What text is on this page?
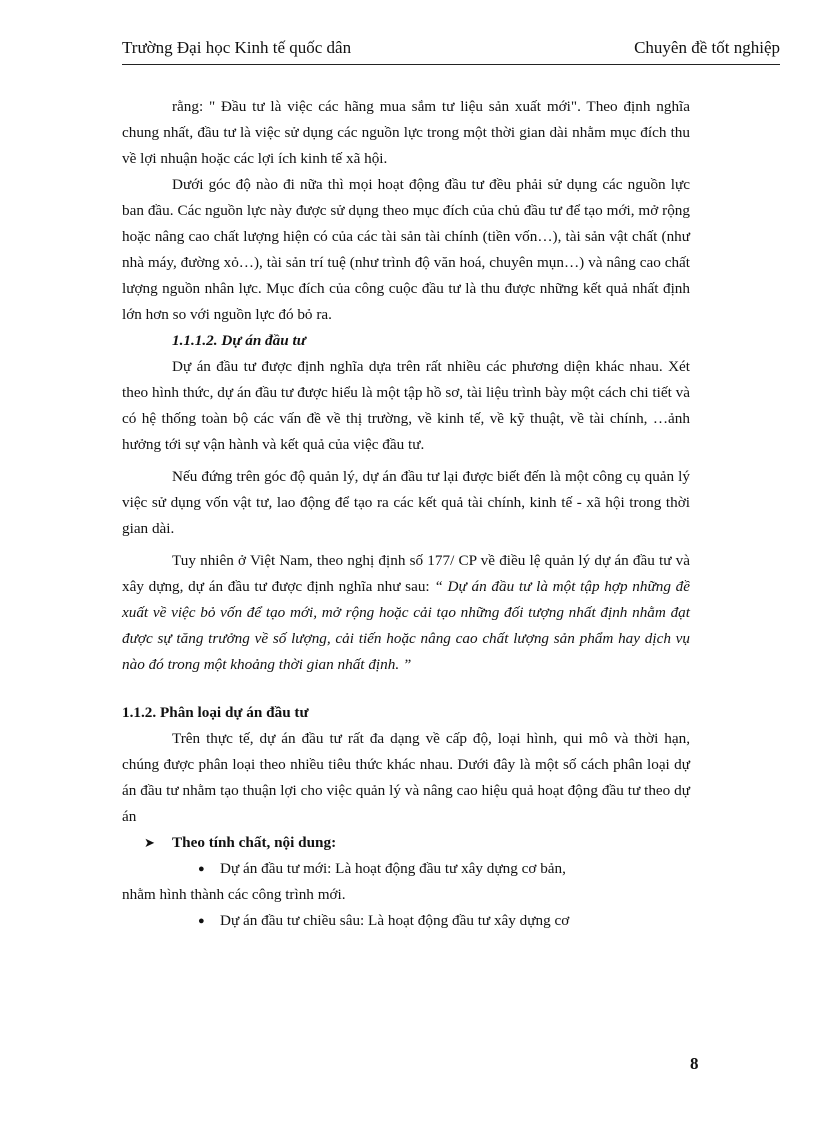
Trường Đại học Kinh tế quốc dân	Chuyên đề tốt nghiệp

rằng: " Đầu tư là việc các hãng mua sắm tư liệu sản xuất mới". Theo định nghĩa chung nhất, đầu tư là việc sử dụng các nguồn lực trong một thời gian dài nhằm mục đích thu về lợi nhuận hoặc các lợi ích kinh tế xã hội.

Dưới góc độ nào đi nữa thì mọi hoạt động đầu tư đều phải sử dụng các nguồn lực ban đầu. Các nguồn lực này được sử dụng theo mục đích của chủ đầu tư để tạo mới, mở rộng hoặc nâng cao chất lượng hiện có của các tài sản tài chính (tiền vốn…), tài sản vật chất (như nhà máy, đường xỏ…), tài sản trí tuệ (như trình độ văn hoá, chuyên mụn…) và nâng cao chất lượng nguồn nhân lực. Mục đích của công cuộc đầu tư là thu được những kết quả nhất định lớn hơn so với nguồn lực đó bỏ ra.

1.1.1.2. Dự án đầu tư

Dự án đầu tư được định nghĩa dựa trên rất nhiều các phương diện khác nhau. Xét theo hình thức, dự án đầu tư được hiểu là một tập hồ sơ, tài liệu trình bày một cách chi tiết và có hệ thống toàn bộ các vấn đề về thị trường, về kinh tế, về kỹ thuật, về tài chính, …ảnh hưởng tới sự vận hành và kết quả của việc đầu tư.

Nếu đứng trên góc độ quản lý, dự án đầu tư lại được biết đến là một công cụ quản lý việc sử dụng vốn vật tư, lao động để tạo ra các kết quả tài chính, kinh tế - xã hội trong thời gian dài.

Tuy nhiên ở Việt Nam, theo nghị định số 177/ CP về điều lệ quản lý dự án đầu tư và xây dựng, dự án đầu tư được định nghĩa như sau: “ Dự án đầu tư là một tập hợp những đề xuất về việc bỏ vốn để tạo mới, mở rộng hoặc cải tạo những đối tượng nhất định nhằm đạt được sự tăng trưởng về số lượng, cải tiến hoặc nâng cao chất lượng sản phẩm hay dịch vụ nào đó trong một khoảng thời gian nhất định. ”

1.1.2. Phân loại dự án đầu tư

Trên thực tế, dự án đầu tư rất đa dạng về cấp độ, loại hình, qui mô và thời hạn, chúng được phân loại theo nhiều tiêu thức khác nhau. Dưới đây là một số cách phân loại dự án đầu tư nhằm tạo thuận lợi cho việc quản lý và nâng cao hiệu quả hoạt động đầu tư theo dự án

➤	Theo tính chất, nội dung:
●	Dự án đầu tư mới: Là hoạt động đầu tư xây dựng cơ bản,
nhằm hình thành các công trình mới.
●	Dự án đầu tư chiều sâu: Là hoạt động đầu tư xây dựng cơ
8
